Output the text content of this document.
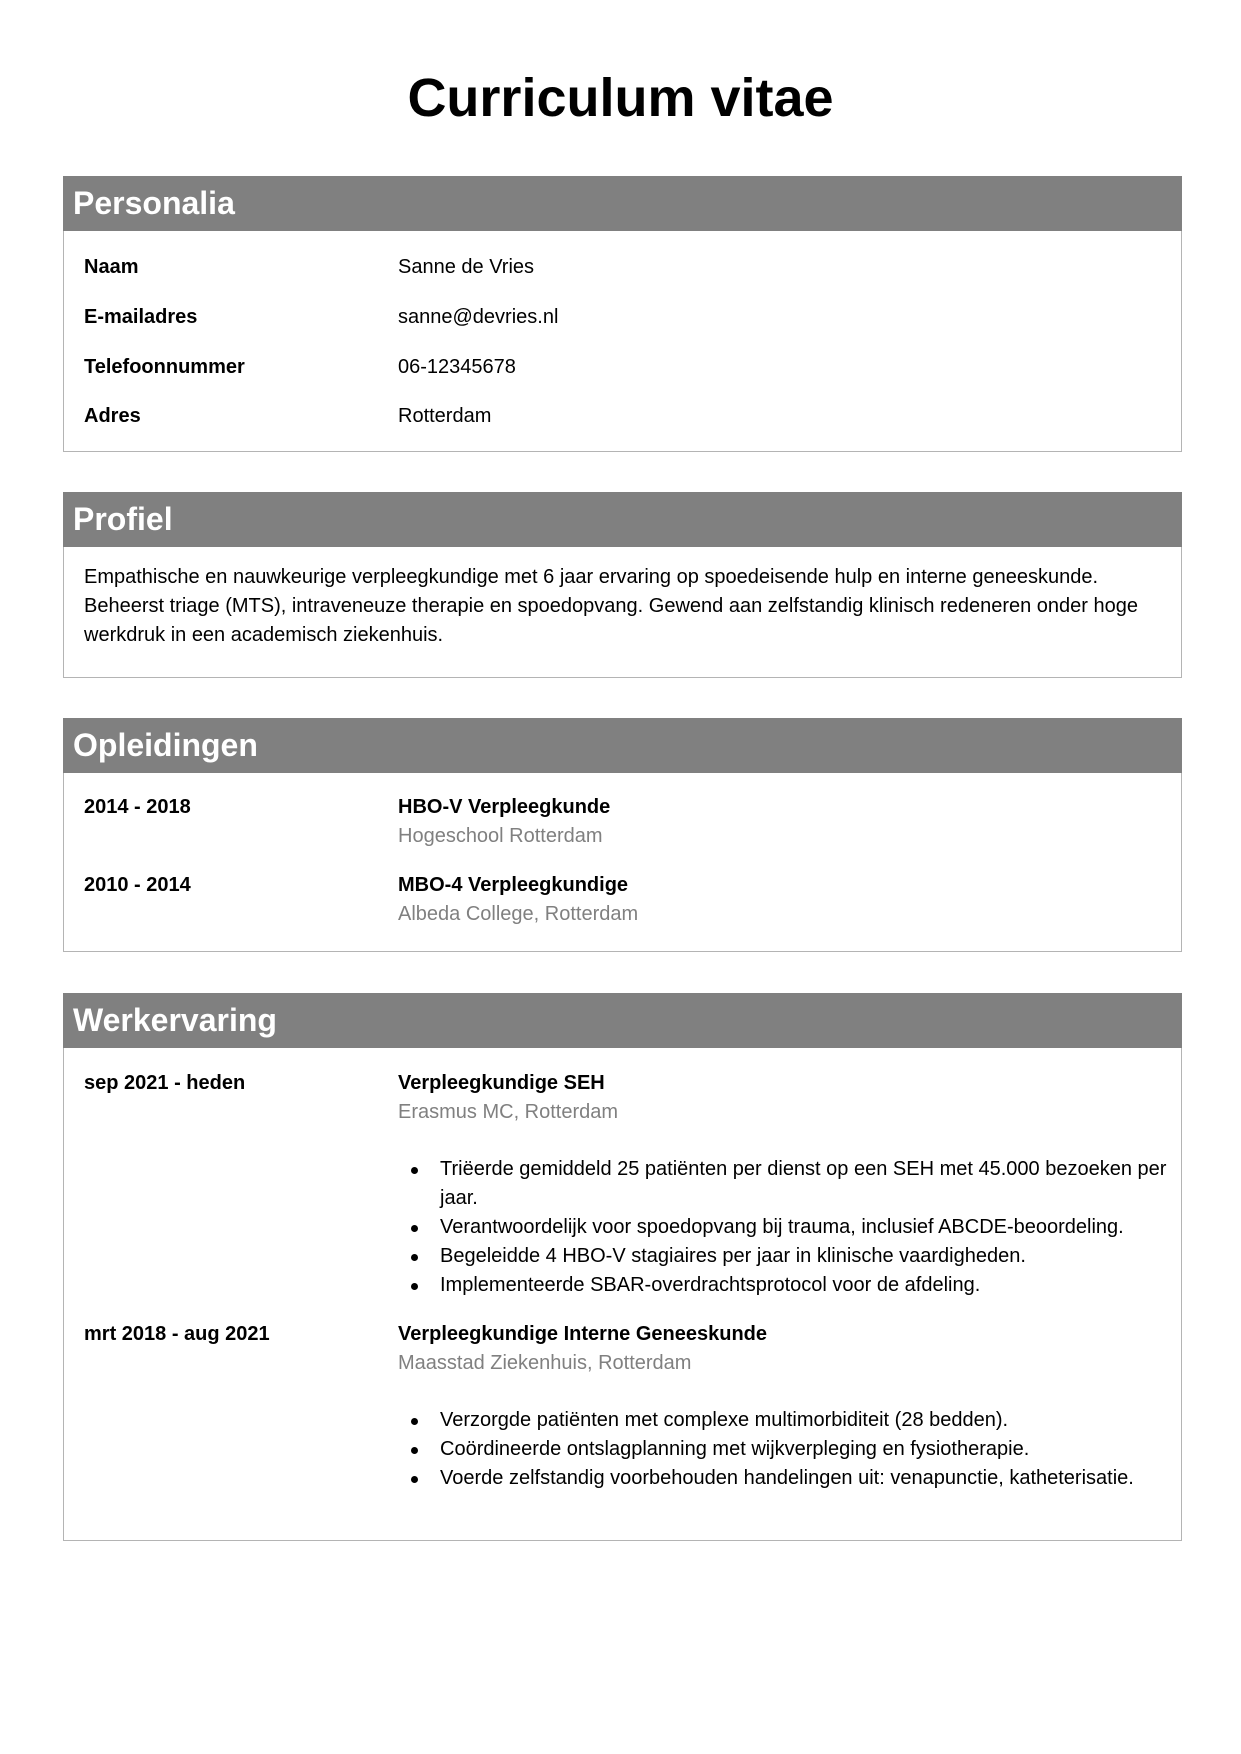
Curriculum vitae
Personalia
Naam	Sanne de Vries
E-mailadres	sanne@devries.nl
Telefoonnummer	06-12345678
Adres	Rotterdam
Profiel
Empathische en nauwkeurige verpleegkundige met 6 jaar ervaring op spoedeisende hulp en interne geneeskunde. Beheerst triage (MTS), intraveneuze therapie en spoedopvang. Gewend aan zelfstandig klinisch redeneren onder hoge werkdruk in een academisch ziekenhuis.
Opleidingen
2014 - 2018	HBO-V Verpleegkunde
Hogeschool Rotterdam
2010 - 2014	MBO-4 Verpleegkundige
Albeda College, Rotterdam
Werkervaring
sep 2021 - heden	Verpleegkundige SEH
Erasmus MC, Rotterdam
Triëerde gemiddeld 25 patiënten per dienst op een SEH met 45.000 bezoeken per jaar.
Verantwoordelijk voor spoedopvang bij trauma, inclusief ABCDE-beoordeling.
Begeleidde 4 HBO-V stagiaires per jaar in klinische vaardigheden.
Implementeerde SBAR-overdrachtsprotocol voor de afdeling.
mrt 2018 - aug 2021	Verpleegkundige Interne Geneeskunde
Maasstad Ziekenhuis, Rotterdam
Verzorgde patiënten met complexe multimorbiditeit (28 bedden).
Coördineerde ontslagplanning met wijkverpleging en fysiotherapie.
Voerde zelfstandig voorbehouden handelingen uit: venapunctie, katheterisatie.
